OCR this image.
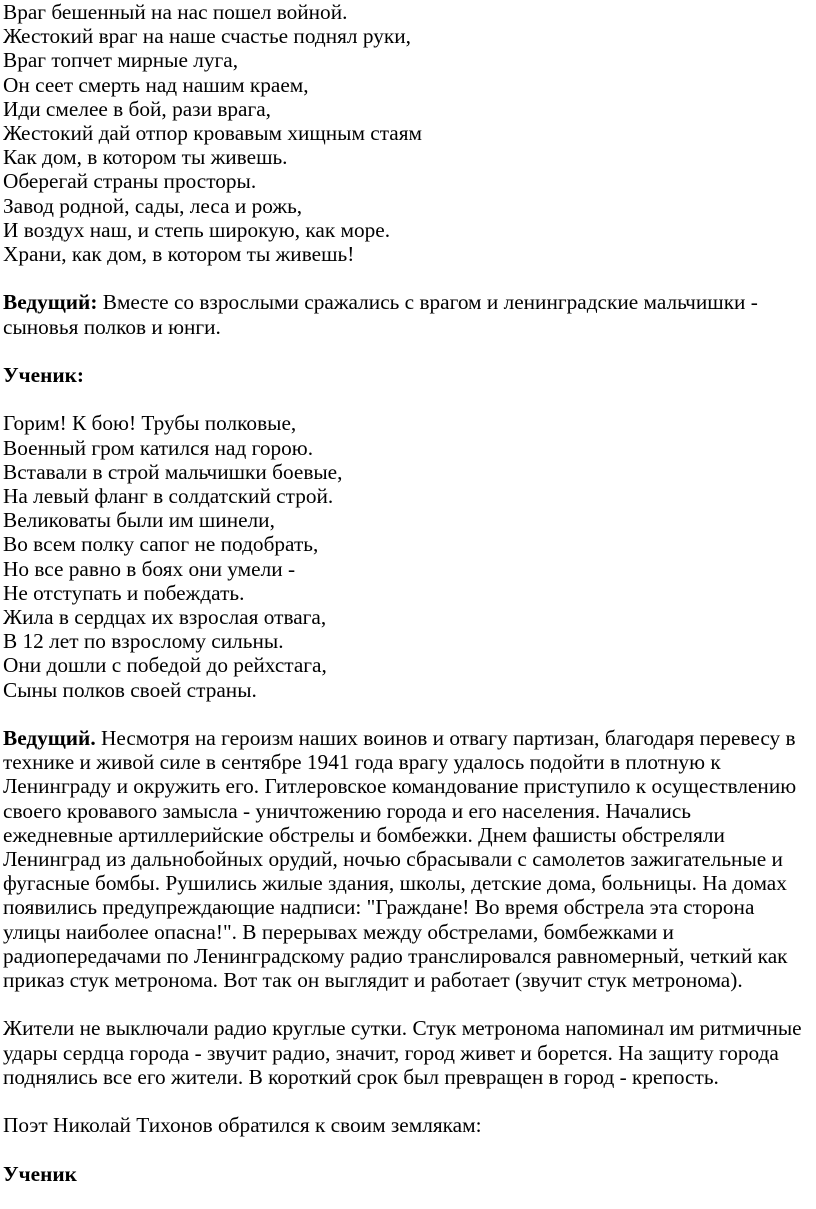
Враг бешенный на нас пошел войной.
Жестокий враг на наше счастье поднял руки,
Враг топчет мирные луга,
Он сеет смерть над нашим краем,
Иди смелее в бой, рази врага,
Жестокий дай отпор кровавым хищным стаям
Как дом, в котором ты живешь.
Оберегай страны просторы.
Завод родной, сады, леса и рожь,
И воздух наш, и степь широкую, как море.
Храни, как дом, в котором ты живешь!

Ведущий: Вместе со взрослыми сражались с врагом и ленинградские мальчишки - сыновья полков и юнги.

Ученик:
Горим! К бою! Трубы полковые,
Военный гром катился над горою.
Вставали в строй мальчишки боевые,
На левый фланг в солдатский строй.
Великоваты были им шинели,
Во всем полку сапог не подобрать,
Но все равно в боях они умели -
Не отступать и побеждать.
Жила в сердцах их взрослая отвага,
В 12 лет по взрослому сильны.
Они дошли с победой до рейхстага,
Сыны полков своей страны.

Ведущий. Несмотря на героизм наших воинов и отвагу партизан, благодаря перевесу в технике и живой силе в сентябре 1941 года врагу удалось подойти в плотную к Ленинграду и окружить его. Гитлеровское командование приступило к осуществлению своего кровавого замысла - уничтожению города и его населения. Начались ежедневные артиллерийские обстрелы и бомбежки. Днем фашисты обстреляли Ленинград из дальнобойных орудий, ночью сбрасывали с самолетов зажигательные и фугасные бомбы. Рушились жилые здания, школы, детские дома, больницы. На домах появились предупреждающие надписи: "Граждане! Во время обстрела эта сторона улицы наиболее опасна!". В перерывах между обстрелами, бомбежками и радиопередачами по Ленинградскому радио транслировался равномерный, четкий как приказ стук метронома. Вот так он выглядит и работает (звучит стук метронома).

Жители не выключали радио круглые сутки. Стук метронома напоминал им ритмичные удары сердца города - звучит радио, значит, город живет и борется. На защиту города поднялись все его жители. В короткий срок был превращен в город - крепость.

Поэт Николай Тихонов обратился к своим землякам:

Ученик
